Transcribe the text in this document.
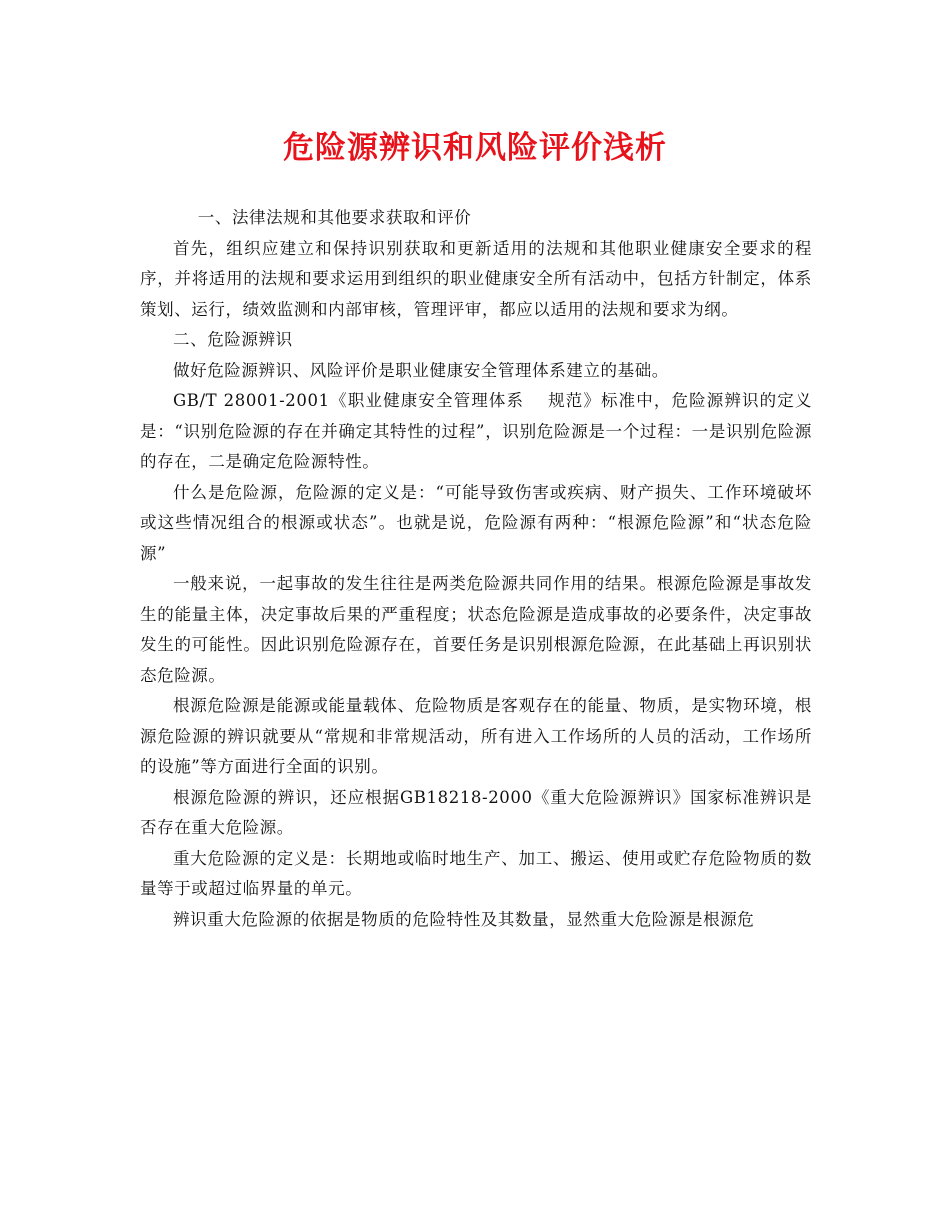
危险源辨识和风险评价浅析

一、法律法规和其他要求获取和评价

首先，组织应建立和保持识别获取和更新适用的法规和其他职业健康安全要求的程序，并将适用的法规和要求运用到组织的职业健康安全所有活动中，包括方针制定，体系策划、运行，绩效监测和内部审核，管理评审，都应以适用的法规和要求为纲。

二、危险源辨识

做好危险源辨识、风险评价是职业健康安全管理体系建立的基础。

GB/T 28001-2001《职业健康安全管理体系　 规范》标准中，危险源辨识的定义是：“识别危险源的存在并确定其特性的过程”，识别危险源是一个过程：一是识别危险源的存在，二是确定危险源特性。

什么是危险源，危险源的定义是：“可能导致伤害或疾病、财产损失、工作环境破坏或这些情况组合的根源或状态”。也就是说，危险源有两种：“根源危险源”和“状态危险源”

一般来说，一起事故的发生往往是两类危险源共同作用的结果。根源危险源是事故发生的能量主体，决定事故后果的严重程度；状态危险源是造成事故的必要条件，决定事故发生的可能性。因此识别危险源存在，首要任务是识别根源危险源，在此基础上再识别状态危险源。

根源危险源是能源或能量载体、危险物质是客观存在的能量、物质，是实物环境，根源危险源的辨识就要从“常规和非常规活动，所有进入工作场所的人员的活动，工作场所的设施”等方面进行全面的识别。

根源危险源的辨识，还应根据GB18218-2000《重大危险源辨识》国家标准辨识是否存在重大危险源。

重大危险源的定义是：长期地或临时地生产、加工、搬运、使用或贮存危险物质的数量等于或超过临界量的单元。

辨识重大危险源的依据是物质的危险特性及其数量，显然重大危险源是根源危
